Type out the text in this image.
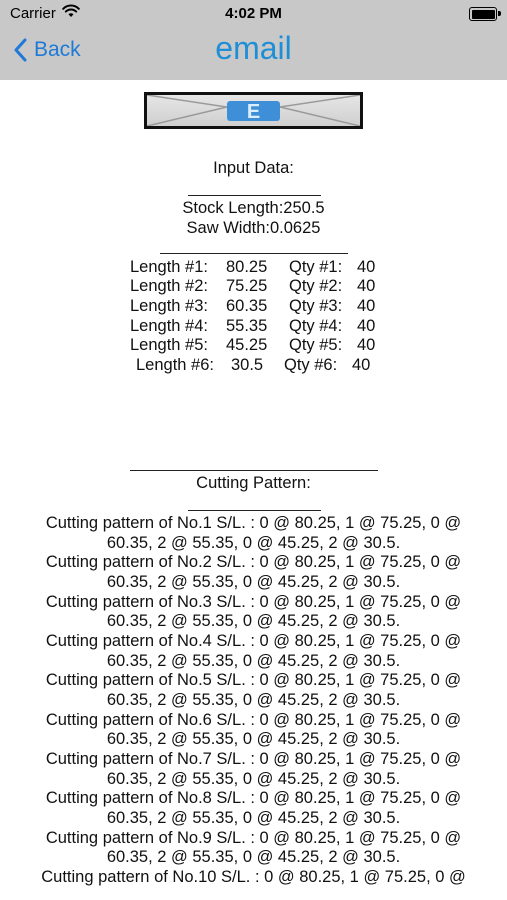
Carrier	4:02 PM
Back	email
E
Input Data:
Stock Length:250.5
Saw Width:0.0625
Length #1: 80.25 Qty #1: 40
Length #2: 75.25 Qty #2: 40
Length #3: 60.35 Qty #3: 40
Length #4: 55.35 Qty #4: 40
Length #5: 45.25 Qty #5: 40
Length #6: 30.5 Qty #6: 40
Cutting Pattern:
Cutting pattern of No.1 S/L. : 0 @ 80.25, 1 @ 75.25, 0 @
60.35, 2 @ 55.35, 0 @ 45.25, 2 @ 30.5.
Cutting pattern of No.2 S/L. : 0 @ 80.25, 1 @ 75.25, 0 @
60.35, 2 @ 55.35, 0 @ 45.25, 2 @ 30.5.
Cutting pattern of No.3 S/L. : 0 @ 80.25, 1 @ 75.25, 0 @
60.35, 2 @ 55.35, 0 @ 45.25, 2 @ 30.5.
Cutting pattern of No.4 S/L. : 0 @ 80.25, 1 @ 75.25, 0 @
60.35, 2 @ 55.35, 0 @ 45.25, 2 @ 30.5.
Cutting pattern of No.5 S/L. : 0 @ 80.25, 1 @ 75.25, 0 @
60.35, 2 @ 55.35, 0 @ 45.25, 2 @ 30.5.
Cutting pattern of No.6 S/L. : 0 @ 80.25, 1 @ 75.25, 0 @
60.35, 2 @ 55.35, 0 @ 45.25, 2 @ 30.5.
Cutting pattern of No.7 S/L. : 0 @ 80.25, 1 @ 75.25, 0 @
60.35, 2 @ 55.35, 0 @ 45.25, 2 @ 30.5.
Cutting pattern of No.8 S/L. : 0 @ 80.25, 1 @ 75.25, 0 @
60.35, 2 @ 55.35, 0 @ 45.25, 2 @ 30.5.
Cutting pattern of No.9 S/L. : 0 @ 80.25, 1 @ 75.25, 0 @
60.35, 2 @ 55.35, 0 @ 45.25, 2 @ 30.5.
Cutting pattern of No.10 S/L. : 0 @ 80.25, 1 @ 75.25, 0 @
